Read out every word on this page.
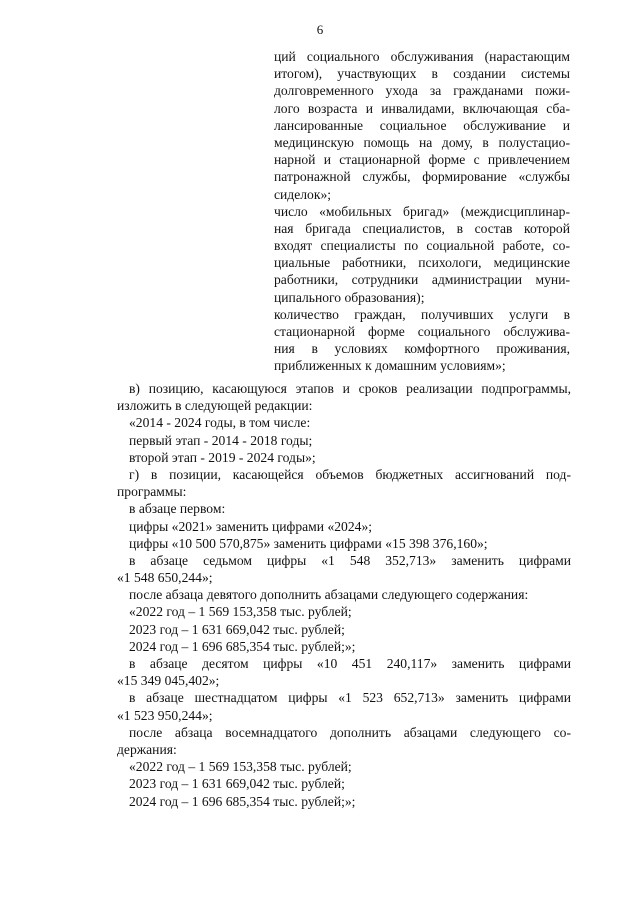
6
ций социального обслуживания (нарастающим
итогом), участвующих в создании системы
долговременного ухода за гражданами пожи-
лого возраста и инвалидами, включающая сба-
лансированные социальное обслуживание и
медицинскую помощь на дому, в полустацио-
нарной и стационарной форме с привлечением
патронажной службы, формирование «службы
сиделок»;
число «мобильных бригад» (междисциплинар-
ная бригада специалистов, в состав которой
входят специалисты по социальной работе, со-
циальные работники, психологи, медицинские
работники, сотрудники администрации муни-
ципального образования);
количество граждан, получивших услуги в
стационарной форме социального обслужива-
ния в условиях комфортного проживания,
приближенных к домашним условиям»;
в) позицию, касающуюся этапов и сроков реализации подпрограммы,
изложить в следующей редакции:
«2014 - 2024 годы, в том числе:
первый этап - 2014 - 2018 годы;
второй этап - 2019 - 2024 годы»;
г) в позиции, касающейся объемов бюджетных ассигнований под-
программы:
в абзаце первом:
цифры «2021» заменить цифрами «2024»;
цифры «10 500 570,875» заменить цифрами «15 398 376,160»;
в абзаце седьмом цифры «1 548 352,713» заменить цифрами
«1 548 650,244»;
после абзаца девятого дополнить абзацами следующего содержания:
«2022 год – 1 569 153,358 тыс. рублей;
2023 год – 1 631 669,042 тыс. рублей;
2024 год – 1 696 685,354 тыс. рублей;»;
в абзаце десятом цифры «10 451 240,117» заменить цифрами
«15 349 045,402»;
в абзаце шестнадцатом цифры «1 523 652,713» заменить цифрами
«1 523 950,244»;
после абзаца восемнадцатого дополнить абзацами следующего со-
держания:
«2022 год – 1 569 153,358 тыс. рублей;
2023 год – 1 631 669,042 тыс. рублей;
2024 год – 1 696 685,354 тыс. рублей;»;
